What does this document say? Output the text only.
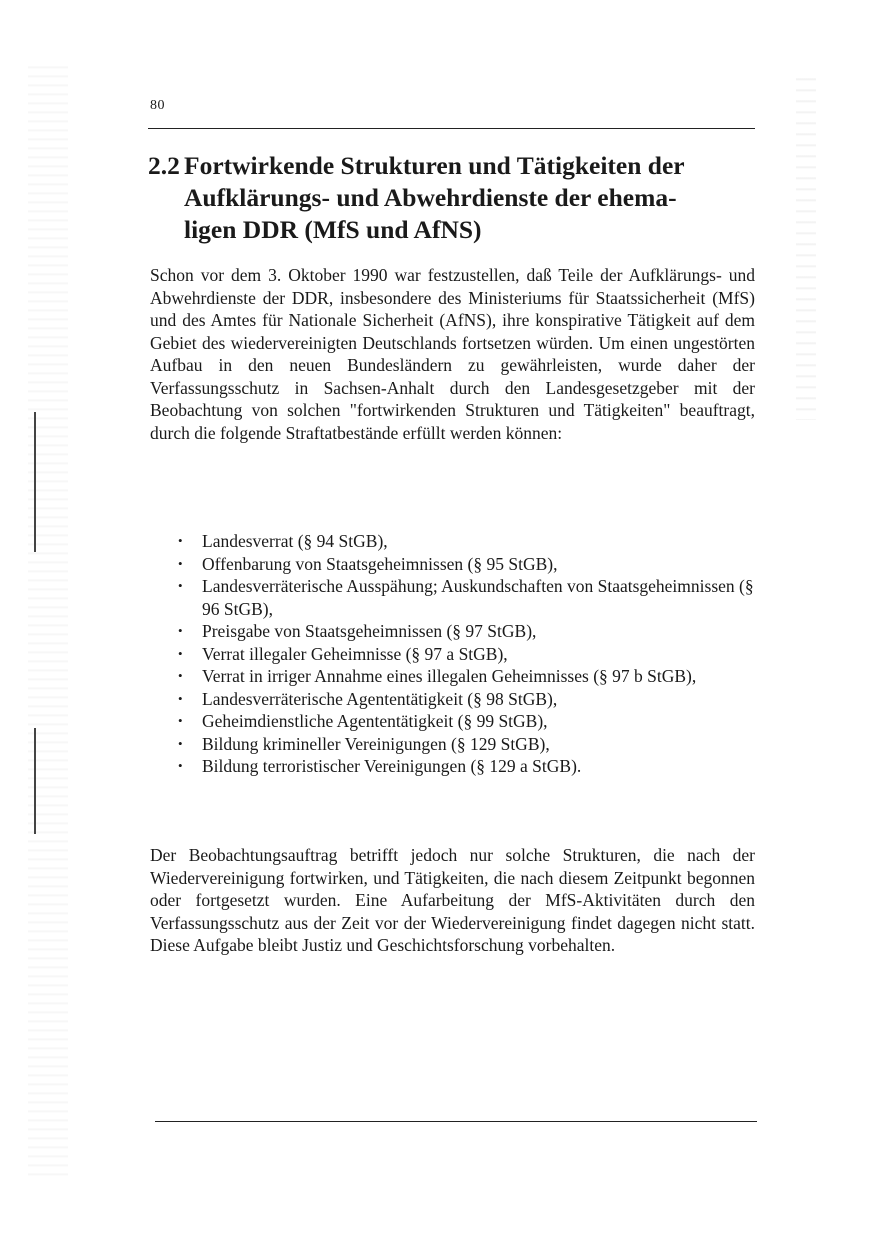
80
2.2 Fortwirkende Strukturen und Tätigkeiten der
Aufklärungs- und Abwehrdienste der ehema-
ligen DDR (MfS und AfNS)

Schon vor dem 3. Oktober 1990 war festzustellen, daß Teile der Aufklärungs- und Abwehrdienste der DDR, insbesondere des Ministeriums für Staatssicherheit (MfS) und des Amtes für Nationale Sicherheit (AfNS), ihre konspirative Tätigkeit auf dem Gebiet des wiedervereinigten Deutschlands fortsetzen würden. Um einen ungestörten Aufbau in den neuen Bundesländern zu gewährleisten, wurde daher der Verfassungsschutz in Sachsen-Anhalt durch den Landesgesetzgeber mit der Beobachtung von solchen "fortwirkenden Strukturen und Tätigkeiten" beauftragt, durch die folgende Straftatbestände erfüllt werden können:

• Landesverrat (§ 94 StGB),
• Offenbarung von Staatsgeheimnissen (§ 95 StGB),
• Landesverräterische Ausspähung; Auskundschaften von Staatsgeheimnissen (§ 96 StGB),
• Preisgabe von Staatsgeheimnissen (§ 97 StGB),
• Verrat illegaler Geheimnisse (§ 97 a StGB),
• Verrat in irriger Annahme eines illegalen Geheimnisses (§ 97 b StGB),
• Landesverräterische Agententätigkeit (§ 98 StGB),
• Geheimdienstliche Agententätigkeit (§ 99 StGB),
• Bildung krimineller Vereinigungen (§ 129 StGB),
• Bildung terroristischer Vereinigungen (§ 129 a StGB).

Der Beobachtungsauftrag betrifft jedoch nur solche Strukturen, die nach der Wiedervereinigung fortwirken, und Tätigkeiten, die nach diesem Zeitpunkt begonnen oder fortgesetzt wurden. Eine Aufarbeitung der MfS-Aktivitäten durch den Verfassungsschutz aus der Zeit vor der Wiedervereinigung findet dagegen nicht statt. Diese Aufgabe bleibt Justiz und Geschichtsforschung vorbehalten.
